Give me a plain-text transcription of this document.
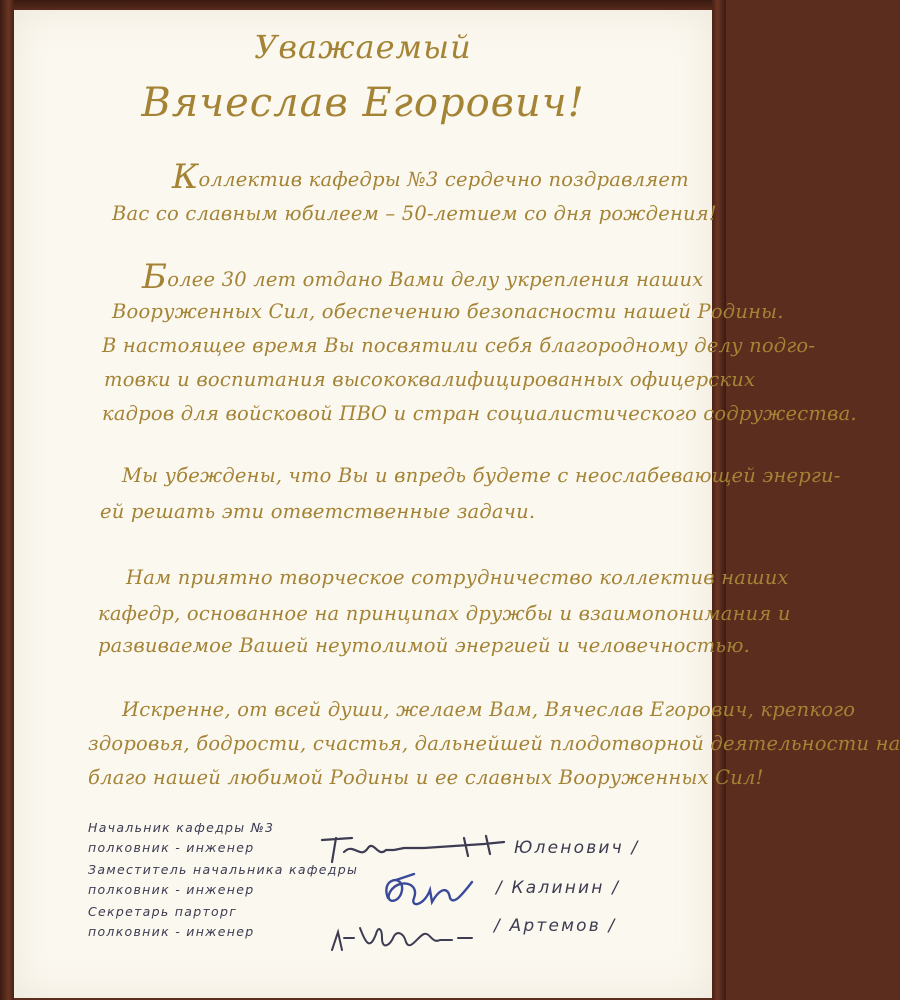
Уважаемый
Вячеслав Егорович!
Коллектив кафедры №3 сердечно поздравляет
Вас со славным юбилеем – 50-летием со дня рождения!
Более 30 лет отдано Вами делу укрепления наших
Вооруженных Сил, обеспечению безопасности нашей Родины.
В настоящее время Вы посвятили себя благородному делу подго-
товки и воспитания высококвалифицированных офицерских
кадров для войсковой ПВО и стран социалистического содружества.
Мы убеждены, что Вы и впредь будете с неослабевающей энерги-
ей решать эти ответственные задачи.
Нам приятно творческое сотрудничество коллектив наших
кафедр, основанное на принципах дружбы и взаимопонимания и
развиваемое Вашей неутолимой энергией и человечностью.
Искренне, от всей души, желаем Вам, Вячеслав Егорович, крепкого
здоровья, бодрости, счастья, дальнейшей плодотворной деятельности на
благо нашей любимой Родины и ее славных Вооруженных Сил!
Начальник кафедры №3
полковник - инженер
Заместитель начальника кафедры
полковник - инженер
Секретарь парторг
полковник - инженер
Юленович /
/ Калинин /
/ Артемов /
